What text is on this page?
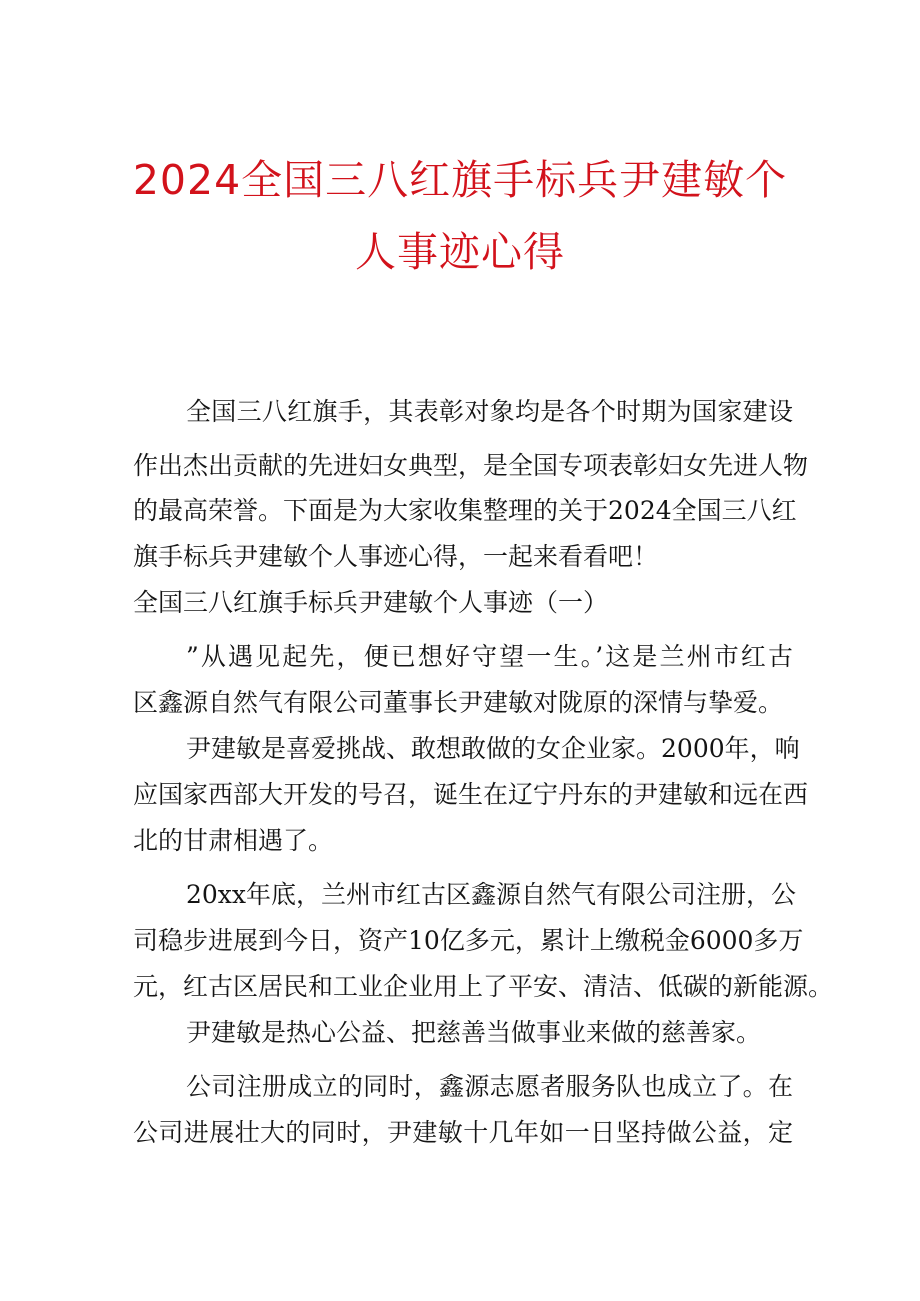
2024全国三八红旗手标兵尹建敏个
人事迹心得
全国三八红旗手，其表彰对象均是各个时期为国家建设
作出杰出贡献的先进妇女典型，是全国专项表彰妇女先进人物
的最高荣誉。下面是为大家收集整理的关于2024全国三八红
旗手标兵尹建敏个人事迹心得，一起来看看吧！
全国三八红旗手标兵尹建敏个人事迹（一）
”从遇见起先，便已想好守望一生。’这是兰州市红古
区鑫源自然气有限公司董事长尹建敏对陇原的深情与挚爱。
尹建敏是喜爱挑战、敢想敢做的女企业家。2000年，响
应国家西部大开发的号召，诞生在辽宁丹东的尹建敏和远在西
北的甘肃相遇了。
20xx年底，兰州市红古区鑫源自然气有限公司注册，公
司稳步进展到今日，资产10亿多元，累计上缴税金6000多万
元，红古区居民和工业企业用上了平安、清洁、低碳的新能源。
尹建敏是热心公益、把慈善当做事业来做的慈善家。
公司注册成立的同时，鑫源志愿者服务队也成立了。在
公司进展壮大的同时，尹建敏十几年如一日坚持做公益，定
